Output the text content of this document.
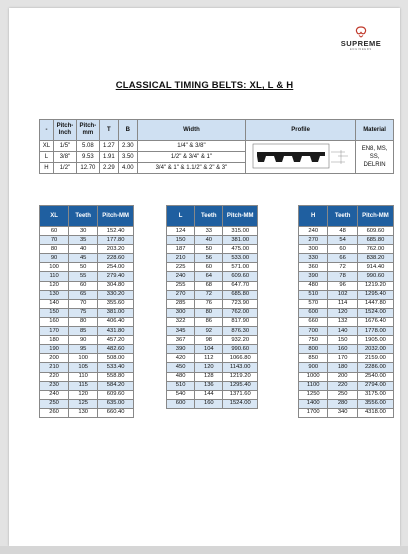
SUPREME
ENGINEERS
CLASSICAL TIMING BELTS: XL, L & H
-	Pitch-Inch	Pitch-mm	T	B	Width	Profile	Material
XL	1/5"	5.08	1.27	2.30	1/4" & 3/8"		EN8, MS,
SS,
DELRIN
L	3/8"	9.53	1.91	3.50	1/2" & 3/4" & 1"		
H	1/2"	12.70	2.29	4.00	3/4" & 1" & 1.1/2" & 2" & 3"		
XL	Teeth	Pitch-MM
60	30	152.40
70	35	177.80
80	40	203.20
90	45	228.60
100	50	254.00
110	55	279.40
120	60	304.80
130	65	330.20
140	70	355.60
150	75	381.00
160	80	406.40
170	85	431.80
180	90	457.20
190	95	482.60
200	100	508.00
210	105	533.40
220	110	558.80
230	115	584.20
240	120	609.60
250	125	635.00
260	130	660.40
L	Teeth	Pitch-MM
124	33	315.00
150	40	381.00
187	50	475.00
210	56	533.00
225	60	571.00
240	64	609.60
255	68	647.70
270	72	685.80
285	76	723.90
300	80	762.00
322	86	817.90
345	92	876.30
367	98	932.20
390	104	990.60
420	112	1066.80
450	120	1143.00
480	128	1219.20
510	136	1295.40
540	144	1371.60
600	160	1524.00
H	Teeth	Pitch-MM
240	48	609.60
270	54	685.80
300	60	762.00
330	66	838.20
360	72	914.40
390	78	990.60
480	96	1219.20
510	102	1295.40
570	114	1447.80
600	120	1524.00
660	132	1676.40
700	140	1778.00
750	150	1905.00
800	160	2032.00
850	170	2159.00
900	180	2286.00
1000	200	2540.00
1100	220	2794.00
1250	250	3175.00
1400	280	3556.00
1700	340	4318.00
